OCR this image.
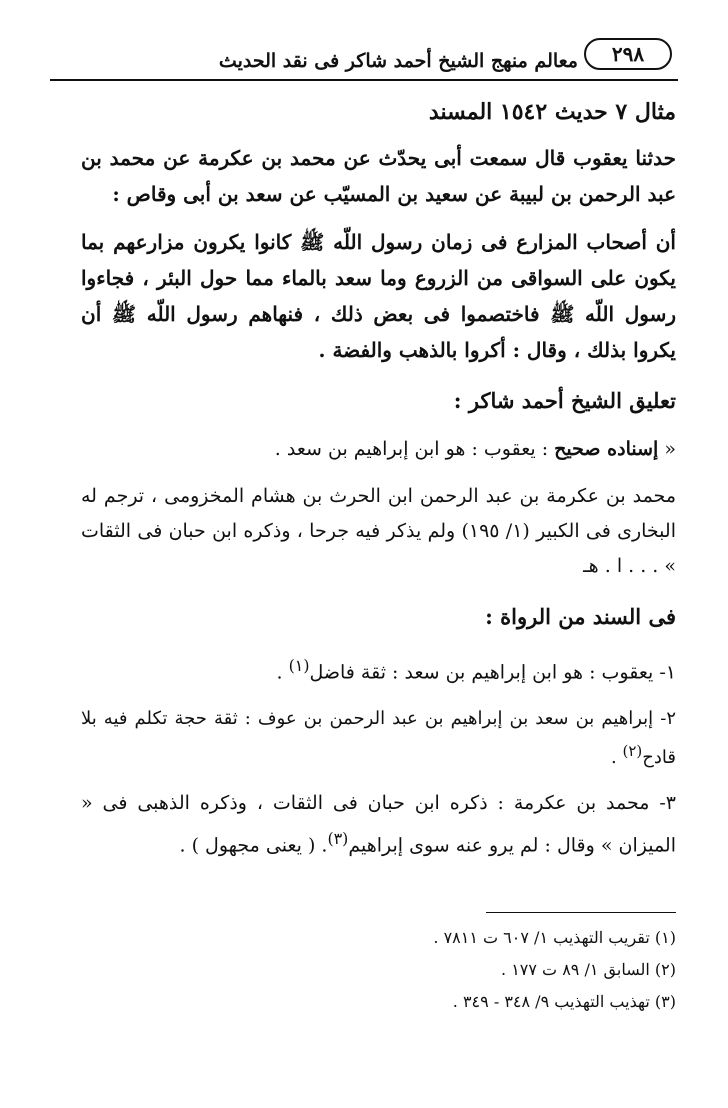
معالم منهج الشيخ أحمد شاكر فى نقد الحديث	٢٩٨

مثال ٧ حديث ١٥٤٢ المسند

حدثنا يعقوب قال سمعت أبى يحدّث عن محمد بن عكرمة عن محمد بن عبد الرحمن بن لبيبة عن سعيد بن المسيّب عن سعد بن أبى وقاص :

أن أصحاب المزارع فى زمان رسول اللّه ﷺ كانوا يكرون مزارعهم بما يكون على السواقى من الزروع وما سعد بالماء مما حول البئر ، فجاءوا رسول اللّه ﷺ فاختصموا فى بعض ذلك ، فنهاهم رسول اللّه ﷺ أن يكروا بذلك ، وقال : أكروا بالذهب والفضة .

تعليق الشيخ أحمد شاكر :

« إسناده صحيح : يعقوب : هو ابن إبراهيم بن سعد .

محمد بن عكرمة بن عبد الرحمن ابن الحرث بن هشام المخزومى ، ترجم له البخارى فى الكبير (١/ ١٩٥) ولم يذكر فيه جرحا ، وذكره ابن حبان فى الثقات » . . . ا . هـ

فى السند من الرواة :

١- يعقوب : هو ابن إبراهيم بن سعد : ثقة فاضل$^{(١)}$ .

٢- إبراهيم بن سعد بن إبراهيم بن عبد الرحمن بن عوف : ثقة حجة تكلم فيه بلا قادح$^{(٢)}$ .

٣- محمد بن عكرمة : ذكره ابن حبان فى الثقات ، وذكره الذهبى فى « الميزان » وقال : لم يرو عنه سوى إبراهيم$^{(٣)}$. ( يعنى مجهول ) .

(١) تقريب التهذيب ١/ ٦٠٧ ت ٧٨١١ .

(٢) السابق ١/ ٨٩ ت ١٧٧ .

(٣) تهذيب التهذيب ٩/ ٣٤٨ - ٣٤٩ .
